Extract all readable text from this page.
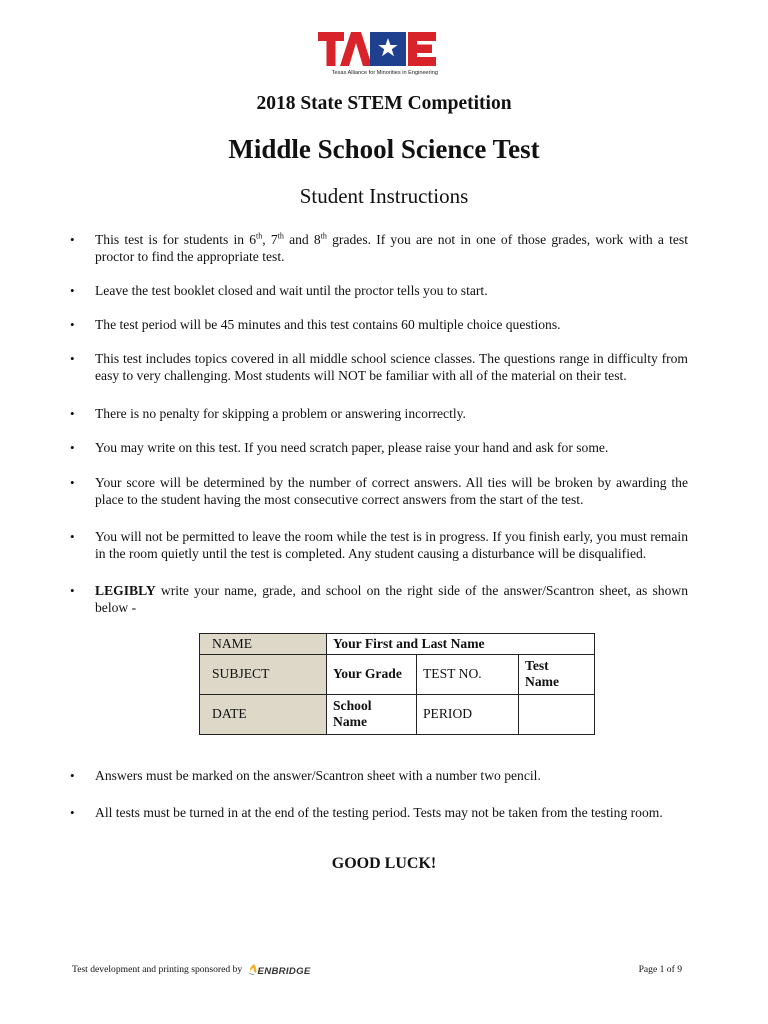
Texas Alliance for Minorities in Engineering
2018 State STEM Competition
Middle School Science Test
Student Instructions
• This test is for students in 6th, 7th and 8th grades. If you are not in one of those grades, work with a test proctor to find the appropriate test.
• Leave the test booklet closed and wait until the proctor tells you to start.
• The test period will be 45 minutes and this test contains 60 multiple choice questions.
• This test includes topics covered in all middle school science classes. The questions range in difficulty from easy to very challenging. Most students will NOT be familiar with all of the material on their test.
• There is no penalty for skipping a problem or answering incorrectly.
• You may write on this test. If you need scratch paper, please raise your hand and ask for some.
• Your score will be determined by the number of correct answers. All ties will be broken by awarding the place to the student having the most consecutive correct answers from the start of the test.
• You will not be permitted to leave the room while the test is in progress. If you finish early, you must remain in the room quietly until the test is completed. Any student causing a disturbance will be disqualified.
• LEGIBLY write your name, grade, and school on the right side of the answer/Scantron sheet, as shown below -
• Answers must be marked on the answer/Scantron sheet with a number two pencil.
• All tests must be turned in at the end of the testing period. Tests may not be taken from the testing room.
NAME	Your First and Last Name		
SUBJECT	Your Grade	TEST NO.	Test Name
DATE	School Name	PERIOD	
GOOD LUCK!
Test development and printing sponsored by ENBRIDGE	Page 1 of 9
